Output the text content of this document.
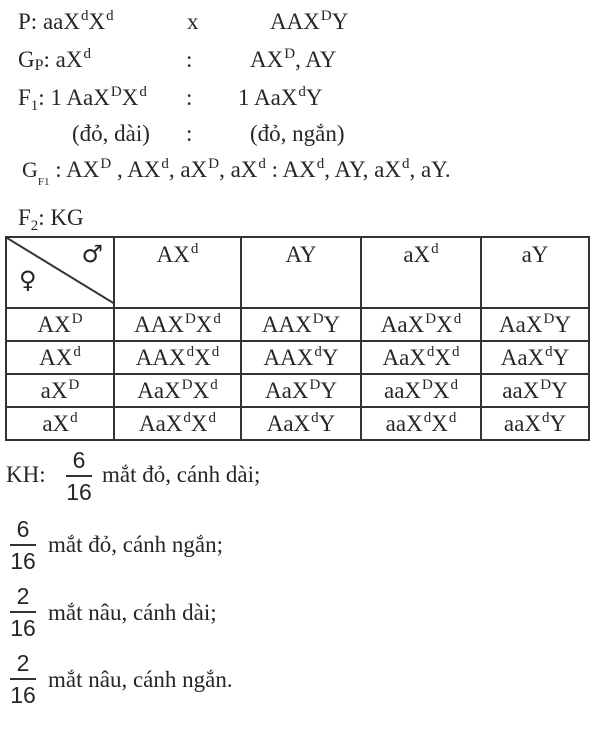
P: $aaX^dX^d$	x	$AAX^DY$
$G_P$: $aX^d$	:	$AX^D$, AY
$F_1$: 1 $AaX^DX^d$ : 1 AaX$^d$Y
(đỏ, dài) :	(đỏ, ngắn)
$G_{F1}$ : $AX^D$ , $AX^d$, $aX^D$, $aX^d$ : $AX^d$, AY, $aX^d$, aY.
$F_2$: KG
♂
♀	$AX^d$	AY	$aX^d$	aY
$AX^D$	$AAX^DX^d$	$AAX^DY$	$AaX^DX^d$	AaX$^D$Y
$AX^d$	$AAX^dX^d$	AAX$^d$Y	$AaX^dX^d$	AaX$^d$Y
$aX^D$	$AaX^DX^d$	AaX$^D$Y	$aaX^DX^d$	aaX$^D$Y
$aX^d$	$AaX^dX^d$	AaX$^d$Y	$aaX^dX^d$	aaX$^d$Y
KH:
6
16
mắt đỏ, cánh dài;
6
16
mắt đỏ, cánh ngắn;
2
16
mắt nâu, cánh dài;
2
16
mắt nâu, cánh ngắn.
